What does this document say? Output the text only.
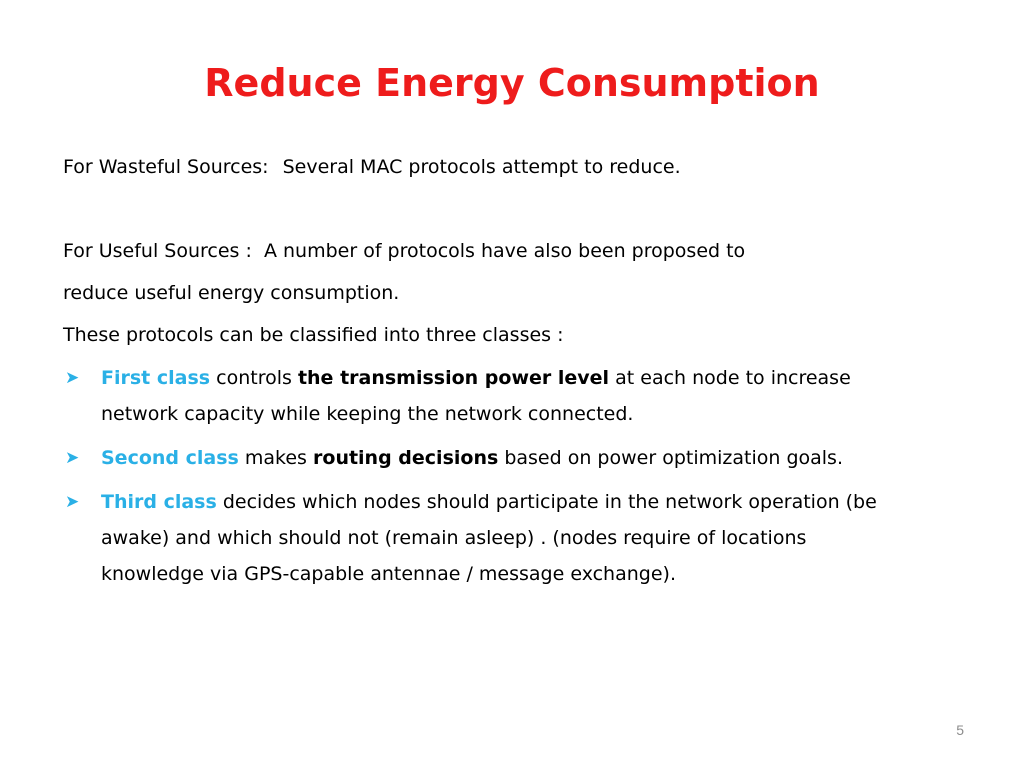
Reduce Energy Consumption

For Wasteful Sources: Several MAC protocols attempt to reduce.

For Useful Sources : A number of protocols have also been proposed to

reduce useful energy consumption.

These protocols can be classified into three classes :

➤ First class controls the transmission power level at each node to increase
network capacity while keeping the network connected.
➤ Second class makes routing decisions based on power optimization goals.
➤ Third class decides which nodes should participate in the network operation (be
awake) and which should not (remain asleep) . (nodes require of locations
knowledge via GPS-capable antennae / message exchange).
5
